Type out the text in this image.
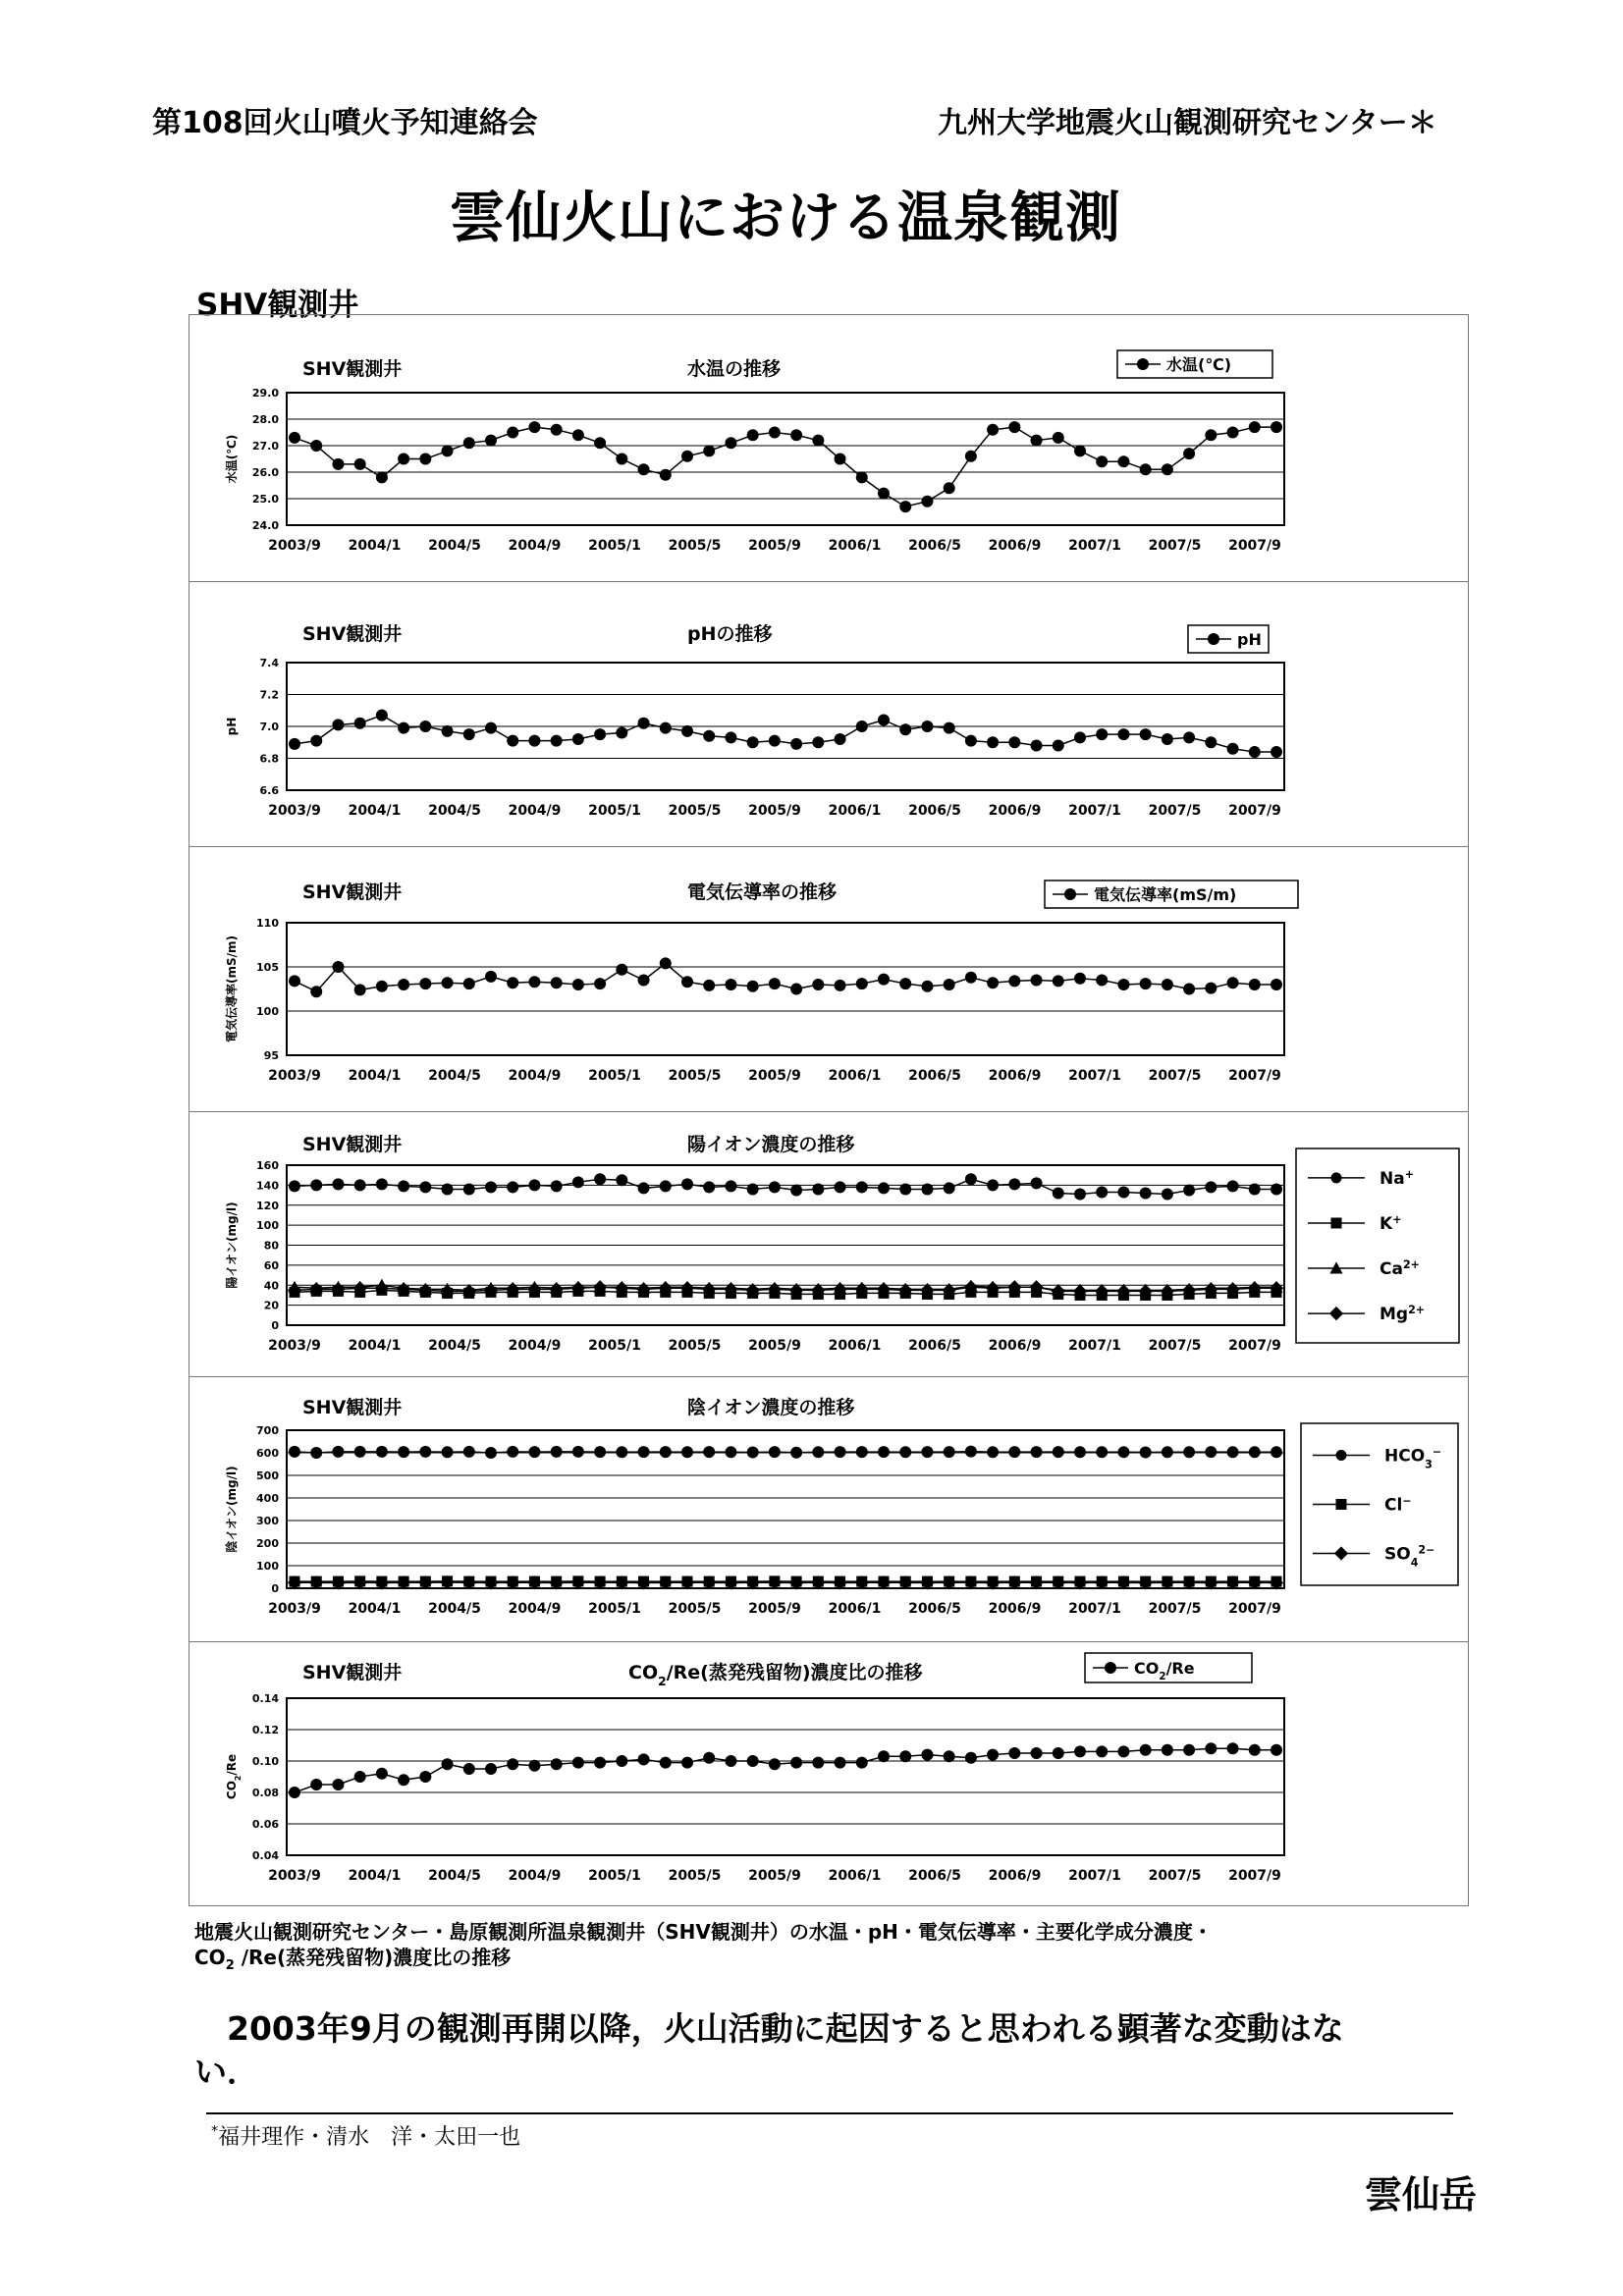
第108回火山噴火予知連絡会	九州大学地震火山観測研究センター＊
雲仙火山における温泉観測
SHV観測井
24.0
25.0
26.0
27.0
28.0
29.0
2003/9 2004/1 2004/5 2004/9 2005/1 2005/5 2005/9 2006/1 2006/5 2006/9 2007/1 2007/5 2007/9
SHV観測井	水温の推移
水温(℃)
水温(℃)
6.6
6.8
7.0
7.2
7.4
2003/9 2004/1 2004/5 2004/9 2005/1 2005/5 2005/9 2006/1 2006/5 2006/9 2007/1 2007/5 2007/9
SHV観測井	pHの推移
pH
pH
95
100
105
110
2003/9 2004/1 2004/5 2004/9 2005/1 2005/5 2005/9 2006/1 2006/5 2006/9 2007/1 2007/5 2007/9
SHV観測井	電気伝導率の推移
電気伝導率(mS/m)
電気伝導率(mS/m)
0
20
40
60
80
100
120
140
160
2003/9 2004/1 2004/5 2004/9 2005/1 2005/5 2005/9 2006/1 2006/5 2006/9 2007/1 2007/5 2007/9
SHV観測井	陽イオン濃度の推移
陽イオン(mg/l)
Na+
K+
$Ca^{2+}$
$Mg^{2+}$
0
100
200
300
400
500
600
700
2003/9 2004/1 2004/5 2004/9 2005/1 2005/5 2005/9 2006/1 2006/5 2006/9 2007/1 2007/5 2007/9
SHV観測井	陰イオン濃度の推移
陰イオン(mg/l)
$HCO_3^-$
Cl−
$SO_4^{2-}$
0.04
0.06
0.08
0.10
0.12
0.14
2003/9 2004/1 2004/5 2004/9 2005/1 2005/5 2005/9 2006/1 2006/5 2006/9 2007/1 2007/5 2007/9
SHV観測井	$CO_2/Re$(蒸発残留物)濃度比の推移
$CO_2/Re$
$CO_2/Re$
地震火山観測研究センター・島原観測所温泉観測井（SHV観測井）の水温・pH・電気伝導率・主要化学成分濃度・
$CO_2$ /Re(蒸発残留物)濃度比の推移
　2003年9月の観測再開以降，火山活動に起因すると思われる顕著な変動はない．
*福井理作・清水　洋・太田一也
雲仙岳
